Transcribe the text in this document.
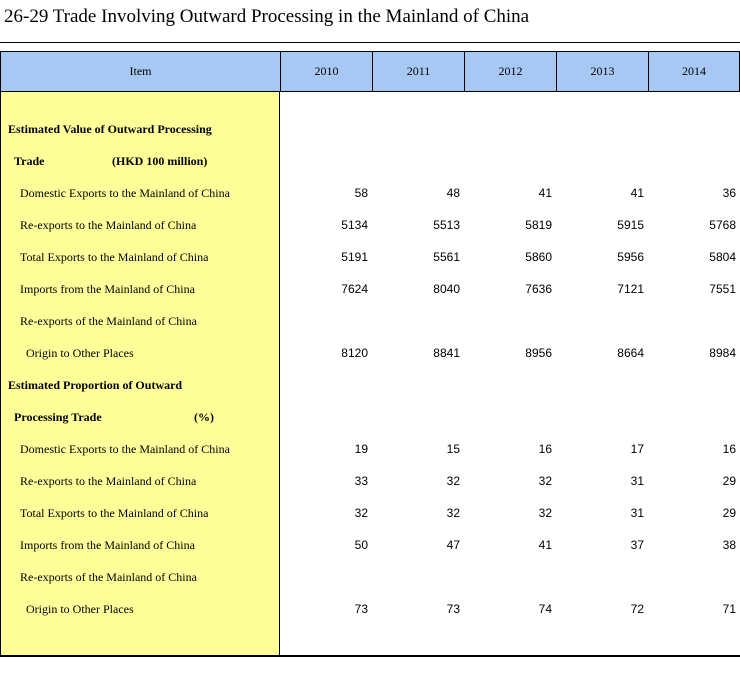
26-29 Trade Involving Outward Processing in the Mainland of China
Item	2010	2011	2012	2013	2014
Estimated Value of Outward Processing
Trade	(HKD 100 million)
Domestic Exports to the Mainland of China	58	48	41	41	36
Re-exports to the Mainland of China	5134	5513	5819	5915	5768
Total Exports to the Mainland of China	5191	5561	5860	5956	5804
Imports from the Mainland of China	7624	8040	7636	7121	7551
Re-exports of the Mainland of China
Origin to Other Places	8120	8841	8956	8664	8984
Estimated Proportion of Outward
Processing Trade	(%)
Domestic Exports to the Mainland of China	19	15	16	17	16
Re-exports to the Mainland of China	33	32	32	31	29
Total Exports to the Mainland of China	32	32	32	31	29
Imports from the Mainland of China	50	47	41	37	38
Re-exports of the Mainland of China
Origin to Other Places	73	73	74	72	71
